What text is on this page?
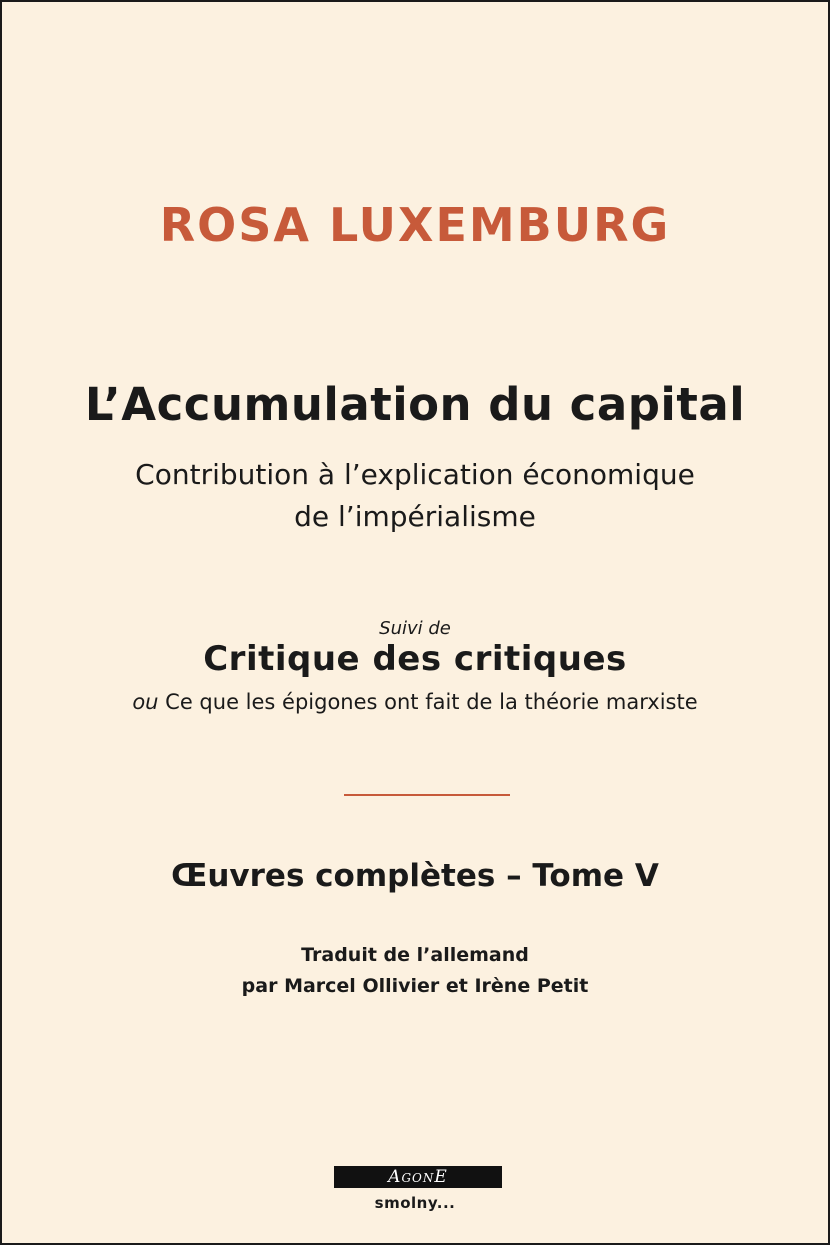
ROSA LUXEMBURG
L’Accumulation du capital
Contribution à l’explication économique
de l’impérialisme
Suivi de
Critique des critiques
ou Ce que les épigones ont fait de la théorie marxiste
Œuvres complètes – Tome V
Traduit de l’allemand
par Marcel Ollivier et Irène Petit
AGONE
smolny...
